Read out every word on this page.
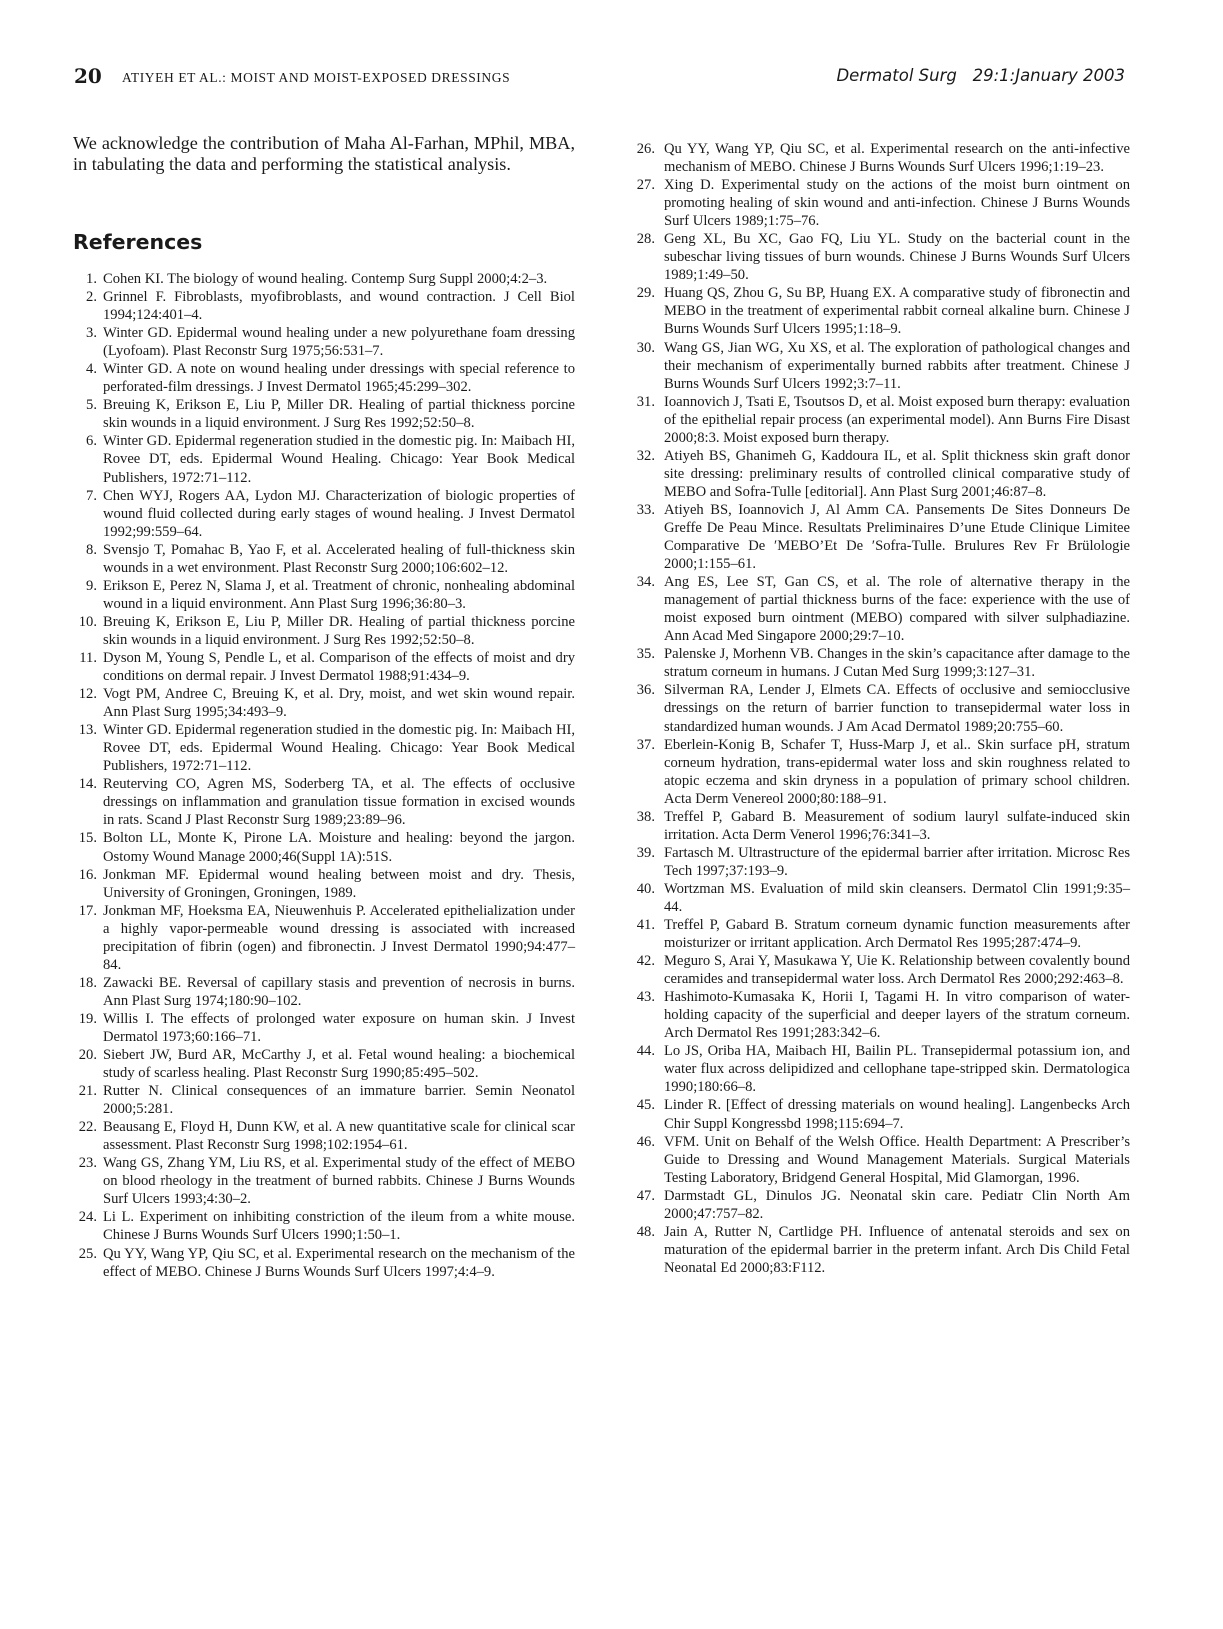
20 ATIYEH ET AL.: MOIST AND MOIST-EXPOSED DRESSINGS	Dermatol Surg   29:1:January 2003

We acknowledge the contribution of Maha Al-Farhan, MPhil, MBA, in tabulating the data and performing the statistical analysis.

References
1. Cohen KI. The biology of wound healing. Contemp Surg Suppl 2000;4:2–3.
2. Grinnel F. Fibroblasts, myofibroblasts, and wound contraction. J Cell Biol 1994;124:401–4.
3. Winter GD. Epidermal wound healing under a new polyurethane foam dressing (Lyofoam). Plast Reconstr Surg 1975;56:531–7.
4. Winter GD. A note on wound healing under dressings with special reference to perforated-film dressings. J Invest Dermatol 1965;45:299–302.
5. Breuing K, Erikson E, Liu P, Miller DR. Healing of partial thickness porcine skin wounds in a liquid environment. J Surg Res 1992;52:50–8.
6. Winter GD. Epidermal regeneration studied in the domestic pig. In: Maibach HI, Rovee DT, eds. Epidermal Wound Healing. Chicago: Year Book Medical Publishers, 1972:71–112.
7. Chen WYJ, Rogers AA, Lydon MJ. Characterization of biologic properties of wound fluid collected during early stages of wound healing. J Invest Dermatol 1992;99:559–64.
8. Svensjo T, Pomahac B, Yao F, et al. Accelerated healing of full-thickness skin wounds in a wet environment. Plast Reconstr Surg 2000;106:602–12.
9. Erikson E, Perez N, Slama J, et al. Treatment of chronic, nonhealing abdominal wound in a liquid environment. Ann Plast Surg 1996;36:80–3.
10. Breuing K, Erikson E, Liu P, Miller DR. Healing of partial thickness porcine skin wounds in a liquid environment. J Surg Res 1992;52:50–8.
11. Dyson M, Young S, Pendle L, et al. Comparison of the effects of moist and dry conditions on dermal repair. J Invest Dermatol 1988;91:434–9.
12. Vogt PM, Andree C, Breuing K, et al. Dry, moist, and wet skin wound repair. Ann Plast Surg 1995;34:493–9.
13. Winter GD. Epidermal regeneration studied in the domestic pig. In: Maibach HI, Rovee DT, eds. Epidermal Wound Healing. Chicago: Year Book Medical Publishers, 1972:71–112.
14. Reuterving CO, Agren MS, Soderberg TA, et al. The effects of occlusive dressings on inflammation and granulation tissue formation in excised wounds in rats. Scand J Plast Reconstr Surg 1989;23:89–96.
15. Bolton LL, Monte K, Pirone LA. Moisture and healing: beyond the jargon. Ostomy Wound Manage 2000;46(Suppl 1A):51S.
16. Jonkman MF. Epidermal wound healing between moist and dry. Thesis, University of Groningen, Groningen, 1989.
17. Jonkman MF, Hoeksma EA, Nieuwenhuis P. Accelerated epithelialization under a highly vapor-permeable wound dressing is associated with increased precipitation of fibrin (ogen) and fibronectin. J Invest Dermatol 1990;94:477–84.
18. Zawacki BE. Reversal of capillary stasis and prevention of necrosis in burns. Ann Plast Surg 1974;180:90–102.
19. Willis I. The effects of prolonged water exposure on human skin. J Invest Dermatol 1973;60:166–71.
20. Siebert JW, Burd AR, McCarthy J, et al. Fetal wound healing: a biochemical study of scarless healing. Plast Reconstr Surg 1990;85:495–502.
21. Rutter N. Clinical consequences of an immature barrier. Semin Neonatol 2000;5:281.
22. Beausang E, Floyd H, Dunn KW, et al. A new quantitative scale for clinical scar assessment. Plast Reconstr Surg 1998;102:1954–61.
23. Wang GS, Zhang YM, Liu RS, et al. Experimental study of the effect of MEBO on blood rheology in the treatment of burned rabbits. Chinese J Burns Wounds Surf Ulcers 1993;4:30–2.
24. Li L. Experiment on inhibiting constriction of the ileum from a white mouse. Chinese J Burns Wounds Surf Ulcers 1990;1:50–1.
25. Qu YY, Wang YP, Qiu SC, et al. Experimental research on the mechanism of the effect of MEBO. Chinese J Burns Wounds Surf Ulcers 1997;4:4–9.
26. Qu YY, Wang YP, Qiu SC, et al. Experimental research on the anti-infective mechanism of MEBO. Chinese J Burns Wounds Surf Ulcers 1996;1:19–23.
27. Xing D. Experimental study on the actions of the moist burn ointment on promoting healing of skin wound and anti-infection. Chinese J Burns Wounds Surf Ulcers 1989;1:75–76.
28. Geng XL, Bu XC, Gao FQ, Liu YL. Study on the bacterial count in the subeschar living tissues of burn wounds. Chinese J Burns Wounds Surf Ulcers 1989;1:49–50.
29. Huang QS, Zhou G, Su BP, Huang EX. A comparative study of fibronectin and MEBO in the treatment of experimental rabbit corneal alkaline burn. Chinese J Burns Wounds Surf Ulcers 1995;1:18–9.
30. Wang GS, Jian WG, Xu XS, et al. The exploration of pathological changes and their mechanism of experimentally burned rabbits after treatment. Chinese J Burns Wounds Surf Ulcers 1992;3:7–11.
31. Ioannovich J, Tsati E, Tsoutsos D, et al. Moist exposed burn therapy: evaluation of the epithelial repair process (an experimental model). Ann Burns Fire Disast 2000;8:3. Moist exposed burn therapy.
32. Atiyeh BS, Ghanimeh G, Kaddoura IL, et al. Split thickness skin graft donor site dressing: preliminary results of controlled clinical comparative study of MEBO and Sofra-Tulle [editorial]. Ann Plast Surg 2001;46:87–8.
33. Atiyeh BS, Ioannovich J, Al Amm CA. Pansements De Sites Donneurs De Greffe De Peau Mince. Resultats Preliminaires D’une Etude Clinique Limitee Comparative De ′MEBO’Et De ′Sofra-Tulle. Brulures Rev Fr Brülologie 2000;1:155–61.
34. Ang ES, Lee ST, Gan CS, et al. The role of alternative therapy in the management of partial thickness burns of the face: experience with the use of moist exposed burn ointment (MEBO) compared with silver sulphadiazine. Ann Acad Med Singapore 2000;29:7–10.
35. Palenske J, Morhenn VB. Changes in the skin’s capacitance after damage to the stratum corneum in humans. J Cutan Med Surg 1999;3:127–31.
36. Silverman RA, Lender J, Elmets CA. Effects of occlusive and semiocclusive dressings on the return of barrier function to transepidermal water loss in standardized human wounds. J Am Acad Dermatol 1989;20:755–60.
37. Eberlein-Konig B, Schafer T, Huss-Marp J, et al.. Skin surface pH, stratum corneum hydration, trans-epidermal water loss and skin roughness related to atopic eczema and skin dryness in a population of primary school children. Acta Derm Venereol 2000;80:188–91.
38. Treffel P, Gabard B. Measurement of sodium lauryl sulfate-induced skin irritation. Acta Derm Venerol 1996;76:341–3.
39. Fartasch M. Ultrastructure of the epidermal barrier after irritation. Microsc Res Tech 1997;37:193–9.
40. Wortzman MS. Evaluation of mild skin cleansers. Dermatol Clin 1991;9:35–44.
41. Treffel P, Gabard B. Stratum corneum dynamic function measurements after moisturizer or irritant application. Arch Dermatol Res 1995;287:474–9.
42. Meguro S, Arai Y, Masukawa Y, Uie K. Relationship between covalently bound ceramides and transepidermal water loss. Arch Dermatol Res 2000;292:463–8.
43. Hashimoto-Kumasaka K, Horii I, Tagami H. In vitro comparison of water-holding capacity of the superficial and deeper layers of the stratum corneum. Arch Dermatol Res 1991;283:342–6.
44. Lo JS, Oriba HA, Maibach HI, Bailin PL. Transepidermal potassium ion, and water flux across delipidized and cellophane tape-stripped skin. Dermatologica 1990;180:66–8.
45. Linder R. [Effect of dressing materials on wound healing]. Langenbecks Arch Chir Suppl Kongressbd 1998;115:694–7.
46. VFM. Unit on Behalf of the Welsh Office. Health Department: A Prescriber’s Guide to Dressing and Wound Management Materials. Surgical Materials Testing Laboratory, Bridgend General Hospital, Mid Glamorgan, 1996.
47. Darmstadt GL, Dinulos JG. Neonatal skin care. Pediatr Clin North Am 2000;47:757–82.
48. Jain A, Rutter N, Cartlidge PH. Influence of antenatal steroids and sex on maturation of the epidermal barrier in the preterm infant. Arch Dis Child Fetal Neonatal Ed 2000;83:F112.
